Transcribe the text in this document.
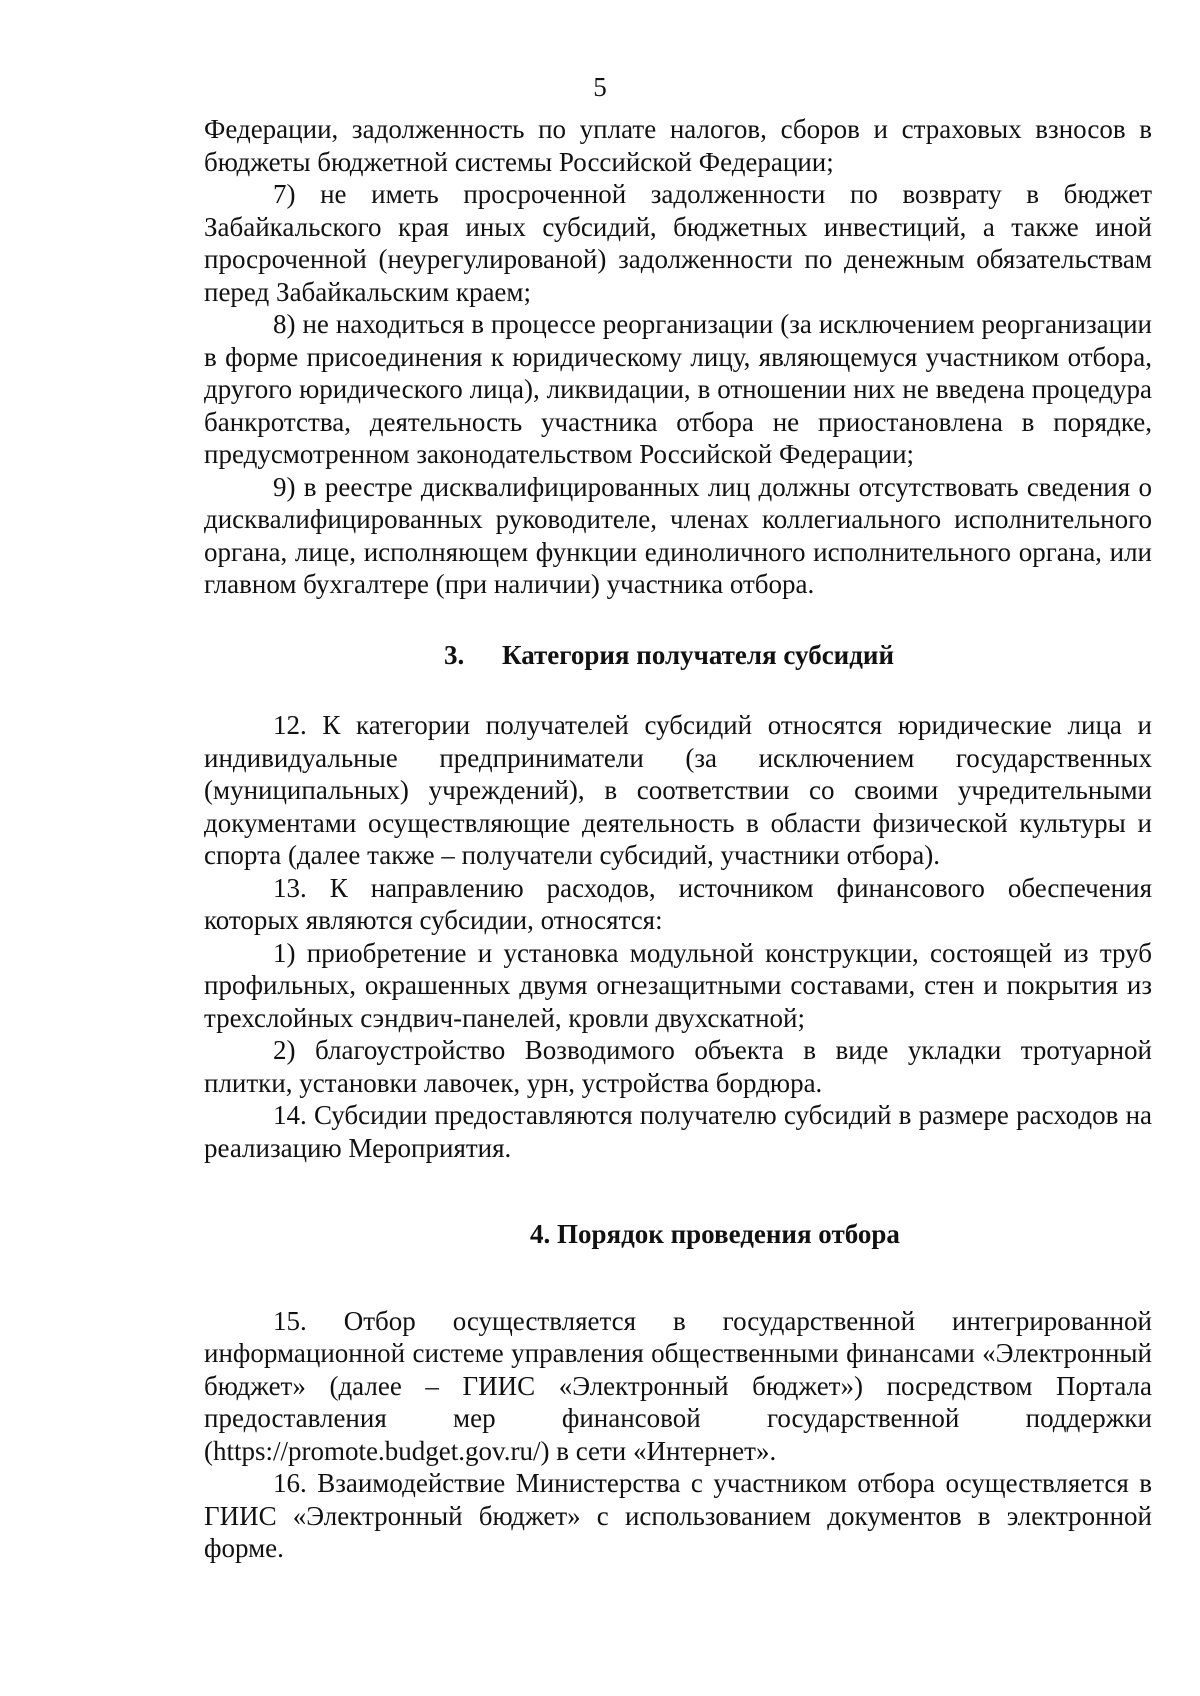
5

Федерации, задолженность по уплате налогов, сборов и страховых взносов в бюджеты бюджетной системы Российской Федерации;

7) не иметь просроченной задолженности по возврату в бюджет Забайкальского края иных субсидий, бюджетных инвестиций, а также иной просроченной (неурегулированой) задолженности по денежным обязательствам перед Забайкальским краем;

8) не находиться в процессе реорганизации (за исключением реорганизации в форме присоединения к юридическому лицу, являющемуся участником отбора, другого юридического лица), ликвидации, в отношении них не введена процедура банкротства, деятельность участника отбора не приостановлена в порядке, предусмотренном законодательством Российской Федерации;

9) в реестре дисквалифицированных лиц должны отсутствовать сведения о дисквалифицированных руководителе, членах коллегиального исполнительного органа, лице, исполняющем функции единоличного исполнительного органа, или главном бухгалтере (при наличии) участника отбора.

3. Категория получателя субсидий

12. К категории получателей субсидий относятся юридические лица и индивидуальные предприниматели (за исключением государственных (муниципальных) учреждений), в соответствии со своими учредительными документами осуществляющие деятельность в области физической культуры и спорта (далее также – получатели субсидий, участники отбора).

13. К направлению расходов, источником финансового обеспечения которых являются субсидии, относятся:

1) приобретение и установка модульной конструкции, состоящей из труб профильных, окрашенных двумя огнезащитными составами, стен и покрытия из трехслойных сэндвич-панелей, кровли двухскатной;

2) благоустройство Возводимого объекта в виде укладки тротуарной плитки, установки лавочек, урн, устройства бордюра.

14. Субсидии предоставляются получателю субсидий в размере расходов на реализацию Мероприятия.

4. Порядок проведения отбора

15. Отбор осуществляется в государственной интегрированной информационной системе управления общественными финансами «Электронный бюджет» (далее – ГИИС «Электронный бюджет») посредством Портала предоставления мер финансовой государственной поддержки (https://promote.budget.gov.ru/) в сети «Интернет».

16. Взаимодействие Министерства с участником отбора осуществляется в ГИИС «Электронный бюджет» с использованием документов в электронной форме.
